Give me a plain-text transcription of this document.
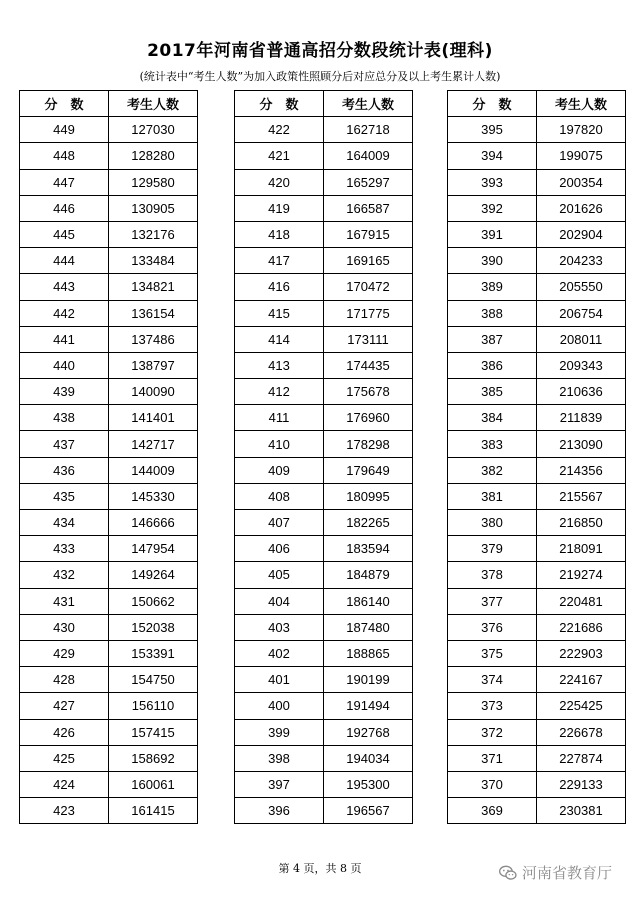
2017年河南省普通高招分数段统计表(理科)
(统计表中“考生人数”为加入政策性照顾分后对应总分及以上考生累计人数)
分　数	考生人数
449	127030
448	128280
447	129580
446	130905
445	132176
444	133484
443	134821
442	136154
441	137486
440	138797
439	140090
438	141401
437	142717
436	144009
435	145330
434	146666
433	147954
432	149264
431	150662
430	152038
429	153391
428	154750
427	156110
426	157415
425	158692
424	160061
423	161415
分　数	考生人数
422	162718
421	164009
420	165297
419	166587
418	167915
417	169165
416	170472
415	171775
414	173111
413	174435
412	175678
411	176960
410	178298
409	179649
408	180995
407	182265
406	183594
405	184879
404	186140
403	187480
402	188865
401	190199
400	191494
399	192768
398	194034
397	195300
396	196567
分　数	考生人数
395	197820
394	199075
393	200354
392	201626
391	202904
390	204233
389	205550
388	206754
387	208011
386	209343
385	210636
384	211839
383	213090
382	214356
381	215567
380	216850
379	218091
378	219274
377	220481
376	221686
375	222903
374	224167
373	225425
372	226678
371	227874
370	229133
369	230381
第 4 页，共 8 页	河南省教育厅
